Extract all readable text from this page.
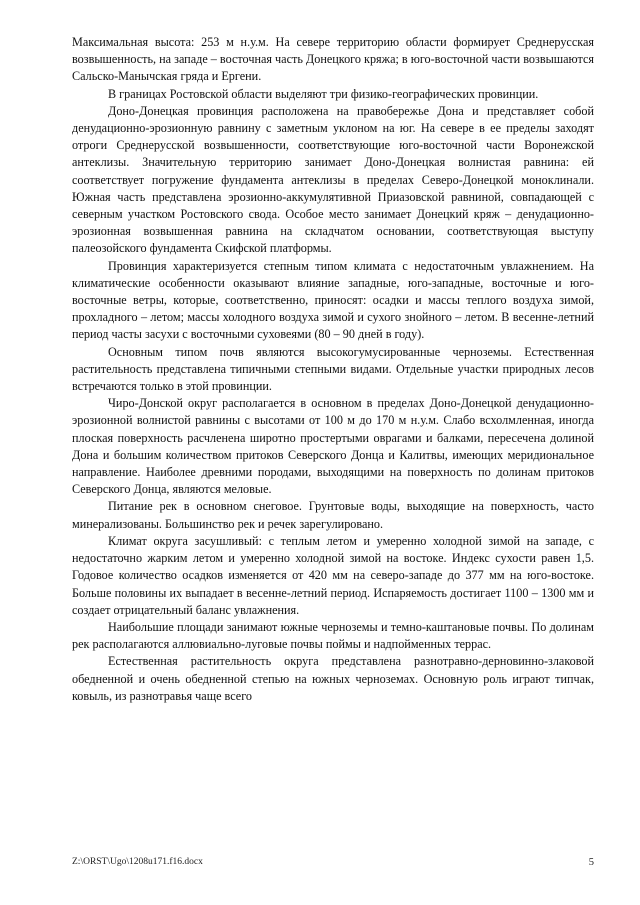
Максимальная высота: 253 м н.у.м. На севере территорию области формирует Среднерусская возвышенность, на западе – восточная часть Донецкого кряжа; в юго-восточной части возвышаются Сальско-Манычская гряда и Ергени.

В границах Ростовской области выделяют три физико-географических провинции.

Доно-Донецкая провинция расположена на правобережье Дона и представляет собой денудационно-эрозионную равнину с заметным уклоном на юг. На севере в ее пределы заходят отроги Среднерусской возвышенности, соответствующие юго-восточной части Воронежской антеклизы. Значительную территорию занимает Доно-Донецкая волнистая равнина: ей соответствует погружение фундамента антеклизы в пределах Северо-Донецкой моноклинали. Южная часть представлена эрозионно-аккумулятивной Приазовской равниной, совпадающей с северным участком Ростовского свода. Особое место занимает Донецкий кряж – денудационно-эрозионная возвышенная равнина на складчатом основании, соответствующая выступу палеозойского фундамента Скифской платформы.

Провинция характеризуется степным типом климата с недостаточным увлажнением. На климатические особенности оказывают влияние западные, юго-западные, восточные и юго-восточные ветры, которые, соответственно, приносят: осадки и массы теплого воздуха зимой, прохладного – летом; массы холодного воздуха зимой и сухого знойного – летом. В весенне-летний период часты засухи с восточными суховеями (80 – 90 дней в году).

Основным типом почв являются высокогумусированные черноземы. Естественная растительность представлена типичными степными видами. Отдельные участки природных лесов встречаются только в этой провинции.

Чиро-Донской округ располагается в основном в пределах Доно-Донецкой денудационно-эрозионной волнистой равнины с высотами от 100 м до 170 м н.у.м. Слабо всхолмленная, иногда плоская поверхность расчленена широтно простертыми оврагами и балками, пересечена долиной Дона и большим количеством притоков Северского Донца и Калитвы, имеющих меридиональное направление. Наиболее древними породами, выходящими на поверхность по долинам притоков Северского Донца, являются меловые.

Питание рек в основном снеговое. Грунтовые воды, выходящие на поверхность, часто минерализованы. Большинство рек и речек зарегулировано.

Климат округа засушливый: с теплым летом и умеренно холодной зимой на западе, с недостаточно жарким летом и умеренно холодной зимой на востоке. Индекс сухости равен 1,5. Годовое количество осадков изменяется от 420 мм на северо-западе до 377 мм на юго-востоке. Больше половины их выпадает в весенне-летний период. Испаряемость достигает 1100 – 1300 мм и создает отрицательный баланс увлажнения.

Наибольшие площади занимают южные черноземы и темно-каштановые почвы. По долинам рек располагаются аллювиально-луговые почвы поймы и надпойменных террас.

Естественная растительность округа представлена разнотравно-дерновинно-злаковой обедненной и очень обедненной степью на южных черноземах. Основную роль играют типчак, ковыль, из разнотравья чаще всего

Z:\ORST\Ugo\1208u171.f16.docx	5
